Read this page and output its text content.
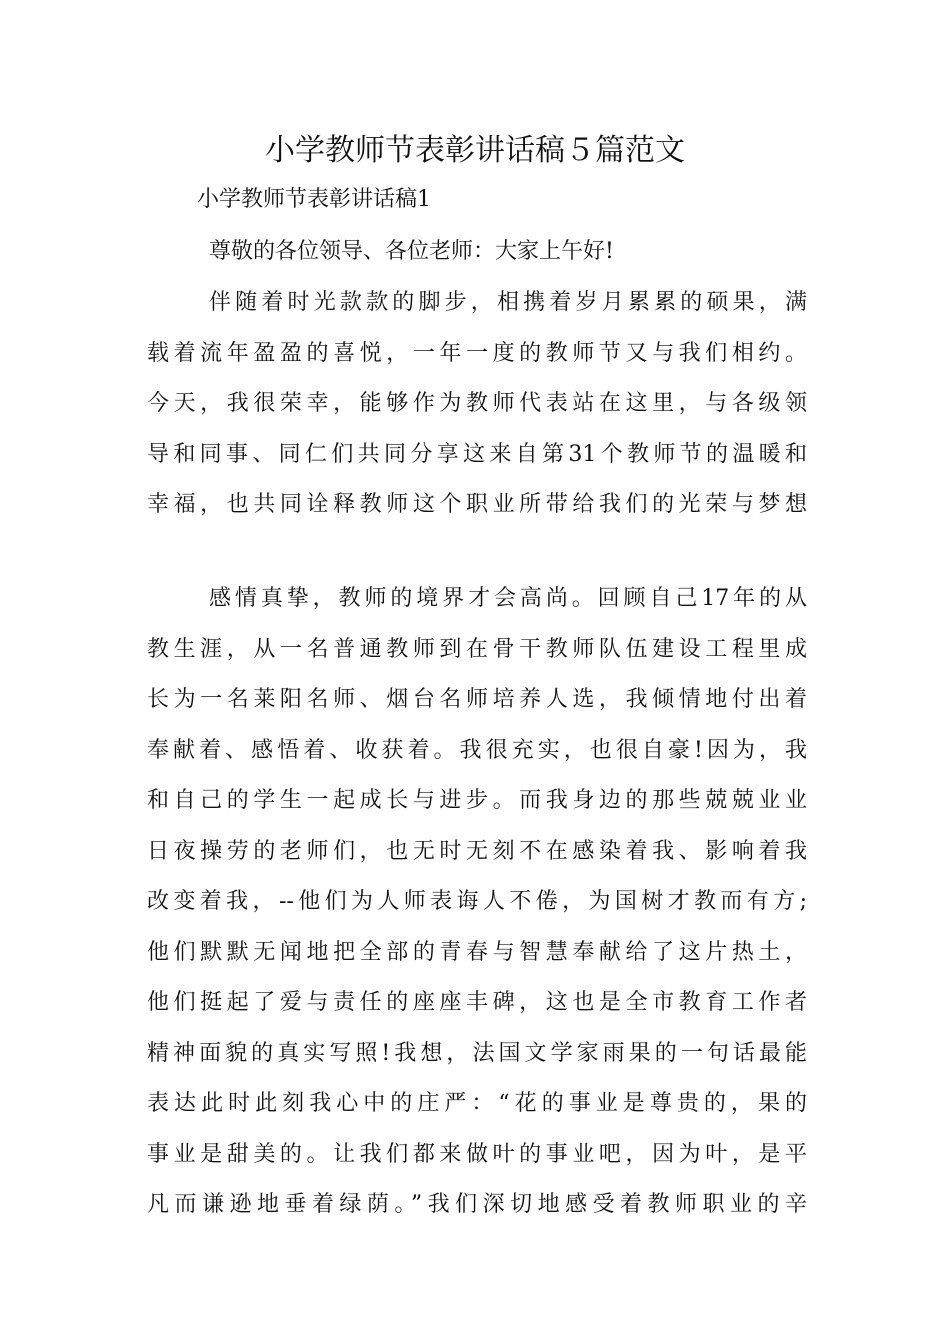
小学教师节表彰讲话稿５篇范文
小学教师节表彰讲话稿1

尊敬的各位领导、各位老师：大家上午好!

伴随着时光款款的脚步，相携着岁月累累的硕果，满
载着流年盈盈的喜悦，一年一度的教师节又与我们相约。
今天，我很荣幸，能够作为教师代表站在这里，与各级领
导和同事、同仁们共同分享这来自第31个教师节的温暖和
幸福，也共同诠释教师这个职业所带给我们的光荣与梦想
感情真挚，教师的境界才会高尚。回顾自己17年的从
教生涯，从一名普通教师到在骨干教师队伍建设工程里成
长为一名莱阳名师、烟台名师培养人选，我倾情地付出着
奉献着、感悟着、收获着。我很充实，也很自豪!因为，我
和自己的学生一起成长与进步。而我身边的那些兢兢业业
日夜操劳的老师们，也无时无刻不在感染着我、影响着我
改变着我，--他们为人师表诲人不倦，为国树才教而有方;
他们默默无闻地把全部的青春与智慧奉献给了这片热土，
他们挺起了爱与责任的座座丰碑，这也是全市教育工作者
精神面貌的真实写照!我想，法国文学家雨果的一句话最能
表达此时此刻我心中的庄严：“花的事业是尊贵的，果的
事业是甜美的。让我们都来做叶的事业吧，因为叶，是平
凡而谦逊地垂着绿荫。”我们深切地感受着教师职业的辛
